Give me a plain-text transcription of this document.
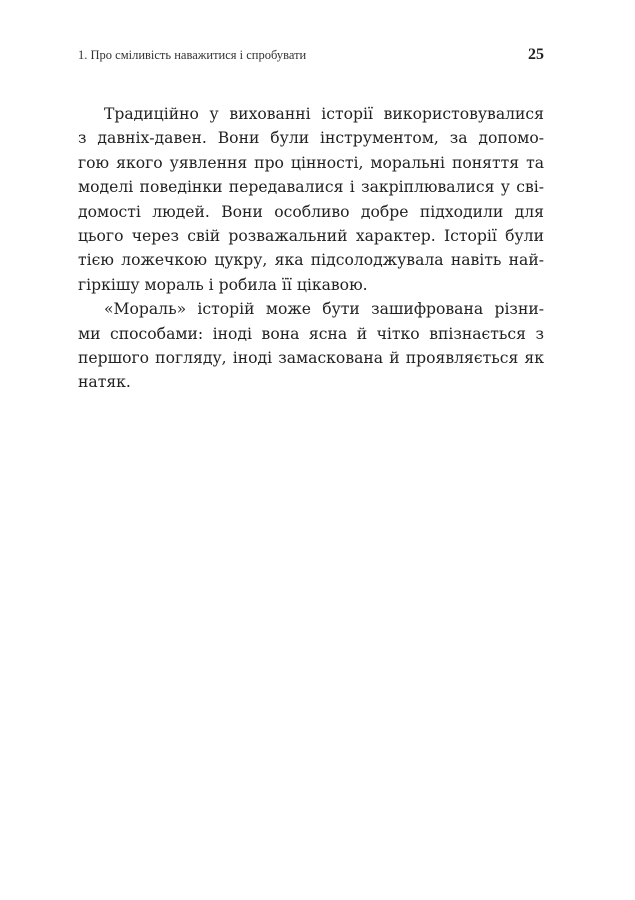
1. Про сміливість наважитися і спробувати	25
Традиційно у вихованні історії використовувалися
з давніх-давен. Вони були інструментом, за допомо-
гою якого уявлення про цінності, моральні поняття та
моделі поведінки передавалися і закріплювалися у сві-
домості людей. Вони особливо добре підходили для
цього через свій розважальний характер. Історії були
тією ложечкою цукру, яка підсолоджувала навіть най-
гіркішу мораль і робила її цікавою.
«Мораль» історій може бути зашифрована різни-
ми способами: іноді вона ясна й чітко впізнається з
першого погляду, іноді замаскована й проявляється як
натяк.
